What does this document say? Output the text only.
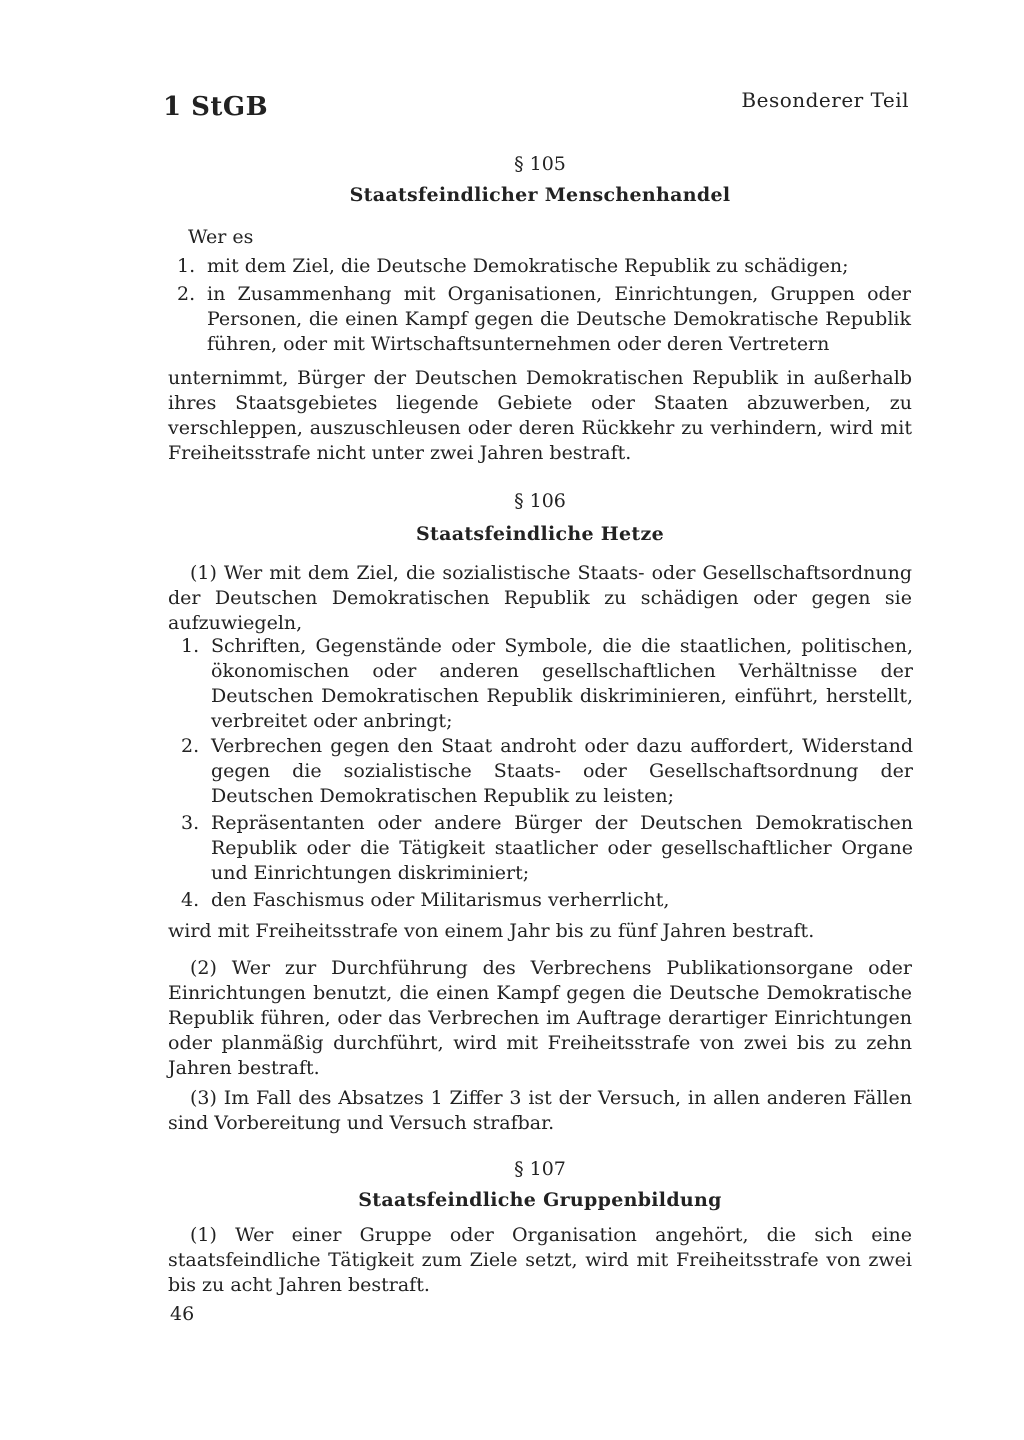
1 StGB	Besonderer Teil
§ 105
Staatsfeindlicher Menschenhandel
Wer es
1. mit dem Ziel, die Deutsche Demokratische Republik zu schädigen;
2. in Zusammenhang mit Organisationen, Einrichtungen, Gruppen oder Personen, die einen Kampf gegen die Deutsche Demokratische Republik führen, oder mit Wirtschaftsunternehmen oder deren Vertretern
unternimmt, Bürger der Deutschen Demokratischen Republik in außerhalb ihres Staatsgebietes liegende Gebiete oder Staaten abzuwerben, zu verschleppen, auszuschleusen oder deren Rückkehr zu verhindern, wird mit Freiheitsstrafe nicht unter zwei Jahren bestraft.
§ 106
Staatsfeindliche Hetze
(1) Wer mit dem Ziel, die sozialistische Staats- oder Gesellschaftsordnung der Deutschen Demokratischen Republik zu schädigen oder gegen sie aufzuwiegeln,
1. Schriften, Gegenstände oder Symbole, die die staatlichen, politischen, ökonomischen oder anderen gesellschaftlichen Verhältnisse der Deutschen Demokratischen Republik diskriminieren, einführt, herstellt, verbreitet oder anbringt;
2. Verbrechen gegen den Staat androht oder dazu auffordert, Widerstand gegen die sozialistische Staats- oder Gesellschaftsordnung der Deutschen Demokratischen Republik zu leisten;
3. Repräsentanten oder andere Bürger der Deutschen Demokratischen Republik oder die Tätigkeit staatlicher oder gesellschaftlicher Organe und Einrichtungen diskriminiert;
4. den Faschismus oder Militarismus verherrlicht,
wird mit Freiheitsstrafe von einem Jahr bis zu fünf Jahren bestraft.
(2) Wer zur Durchführung des Verbrechens Publikationsorgane oder Einrichtungen benutzt, die einen Kampf gegen die Deutsche Demokratische Republik führen, oder das Verbrechen im Auftrage derartiger Einrichtungen oder planmäßig durchführt, wird mit Freiheitsstrafe von zwei bis zu zehn Jahren bestraft.
(3) Im Fall des Absatzes 1 Ziffer 3 ist der Versuch, in allen anderen Fällen sind Vorbereitung und Versuch strafbar.
§ 107
Staatsfeindliche Gruppenbildung
(1) Wer einer Gruppe oder Organisation angehört, die sich eine staatsfeindliche Tätigkeit zum Ziele setzt, wird mit Freiheitsstrafe von zwei bis zu acht Jahren bestraft.
46
